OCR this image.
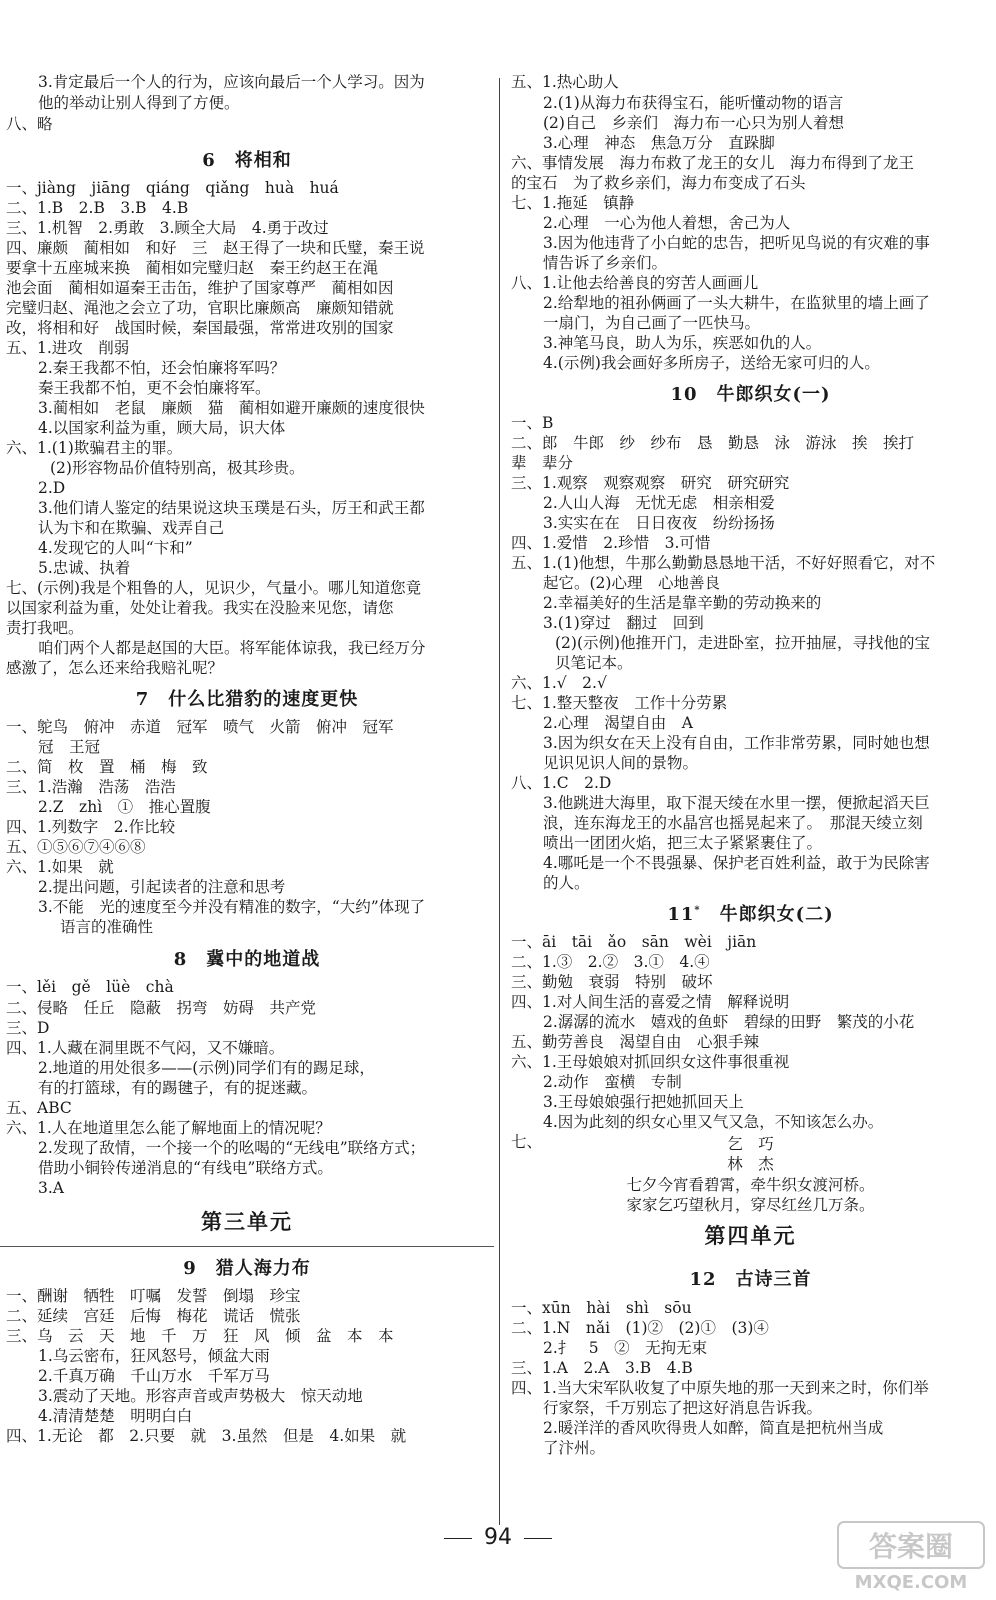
3.肯定最后一个人的行为，应该向最后一个人学习。因为
他的举动让别人得到了方便。
八、略
6　将相和
一、jiàng　jiāng　qiáng　qiǎng　huà　huá
二、1.B　2.B　3.B　4.B
三、1.机智　2.勇敢　3.顾全大局　4.勇于改过
四、廉颇　蔺相如　和好　三　赵王得了一块和氏璧，秦王说
要拿十五座城来换　蔺相如完璧归赵　秦王约赵王在渑
池会面　蔺相如逼秦王击缶，维护了国家尊严　蔺相如因
完璧归赵、渑池之会立了功，官职比廉颇高　廉颇知错就
改，将相和好　战国时候，秦国最强，常常进攻别的国家
五、1.进攻　削弱
2.秦王我都不怕，还会怕廉将军吗？
秦王我都不怕，更不会怕廉将军。
3.蔺相如　老鼠　廉颇　猫　蔺相如避开廉颇的速度很快
4.以国家利益为重，顾大局，识大体
六、1.(1)欺骗君主的罪。
(2)形容物品价值特别高，极其珍贵。
2.D
3.他们请人鉴定的结果说这块玉璞是石头，厉王和武王都
认为卞和在欺骗、戏弄自己
4.发现它的人叫“卞和”
5.忠诚、执着
七、(示例)我是个粗鲁的人，见识少，气量小。哪儿知道您竟
以国家利益为重，处处让着我。我实在没脸来见您，请您
责打我吧。
咱们两个人都是赵国的大臣。将军能体谅我，我已经万分
感激了，怎么还来给我赔礼呢？
7　什么比猎豹的速度更快
一、鸵鸟　俯冲　赤道　冠军　喷气　火箭　俯冲　冠军
冠　王冠
二、简　枚　置　桶　梅　致
三、1.浩瀚　浩荡　浩浩
2.Z　zhì　①　推心置腹
四、1.列数字　2.作比较
五、①⑤⑥⑦④⑥⑧
六、1.如果　就
2.提出问题，引起读者的注意和思考
3.不能　光的速度至今并没有精准的数字，“大约”体现了
语言的准确性
8　冀中的地道战
一、lěi　gě　lüè　chà
二、侵略　任丘　隐蔽　拐弯　妨碍　共产党
三、D
四、1.人藏在洞里既不气闷，又不嫌暗。
2.地道的用处很多——(示例)同学们有的踢足球，
有的打篮球，有的踢毽子，有的捉迷藏。
五、ABC
六、1.人在地道里怎么能了解地面上的情况呢？
2.发现了敌情，一个接一个的吆喝的“无线电”联络方式；
借助小铜铃传递消息的“有线电”联络方式。
3.A
第三单元
9　猎人海力布
一、酬谢　牺牲　叮嘱　发誓　倒塌　珍宝
二、延续　宫廷　后悔　梅花　谎话　慌张
三、乌　云　天　地　千　万　狂　风　倾　盆　本　本
1.乌云密布，狂风怒号，倾盆大雨
2.千真万确　千山万水　千军万马
3.震动了天地。形容声音或声势极大　惊天动地
4.清清楚楚　明明白白
四、1.无论　都　2.只要　就　3.虽然　但是　4.如果　就
五、1.热心助人
2.(1)从海力布获得宝石，能听懂动物的语言
(2)自己　乡亲们　海力布一心只为别人着想
3.心理　神态　焦急万分　直跺脚
六、事情发展　海力布救了龙王的女儿　海力布得到了龙王
的宝石　为了救乡亲们，海力布变成了石头
七、1.拖延　镇静
2.心理　一心为他人着想，舍己为人
3.因为他违背了小白蛇的忠告，把听见鸟说的有灾难的事
情告诉了乡亲们。
八、1.让他去给善良的穷苦人画画儿
2.给犁地的祖孙俩画了一头大耕牛，在监狱里的墙上画了
一扇门，为自己画了一匹快马。
3.神笔马良，助人为乐，疾恶如仇的人。
4.(示例)我会画好多所房子，送给无家可归的人。
10　牛郎织女(一)
一、B
二、郎　牛郎　纱　纱布　恳　勤恳　泳　游泳　挨　挨打
辈　辈分
三、1.观察　观察观察　研究　研究研究
2.人山人海　无忧无虑　相亲相爱
3.实实在在　日日夜夜　纷纷扬扬
四、1.爱惜　2.珍惜　3.可惜
五、1.(1)他想，牛那么勤勤恳恳地干活，不好好照看它，对不
起它。(2)心理　心地善良
2.幸福美好的生活是靠辛勤的劳动换来的
3.(1)穿过　翻过　回到
(2)(示例)他推开门，走进卧室，拉开抽屉，寻找他的宝
贝笔记本。
六、1.√　2.√
七、1.整天整夜　工作十分劳累
2.心理　渴望自由　A
3.因为织女在天上没有自由，工作非常劳累，同时她也想
见识见识人间的景物。
八、1.C　2.D
3.他跳进大海里，取下混天绫在水里一摆，便掀起滔天巨
浪，连东海龙王的水晶宫也摇晃起来了。　那混天绫立刻
喷出一团团火焰，把三太子紧紧裹住了。
4.哪吒是一个不畏强暴、保护老百姓利益，敢于为民除害
的人。
11*　 牛郎织女(二)
一、āi　tāi　ǎo　sān　wèi　jiān
二、1.③　2.②　3.①　4.④
三、勤勉　衰弱　特别　破坏
四、1.对人间生活的喜爱之情　解释说明
2.潺潺的流水　嬉戏的鱼虾　碧绿的田野　繁茂的小花
五、勤劳善良　渴望自由　心狠手辣
六、1.王母娘娘对抓回织女这件事很重视
2.动作　蛮横　专制
3.王母娘娘强行把她抓回天上
4.因为此刻的织女心里又气又急，不知该怎么办。
七、	乞　巧
林　杰
七夕今宵看碧霄，牵牛织女渡河桥。
家家乞巧望秋月，穿尽红丝几万条。
第四单元
12　古诗三首
一、xūn　hài　shì　sōu
二、1.N　nǎi　(1)②　(2)①　(3)④
2.扌　5　②　无拘无束
三、1.A　2.A　3.B　4.B
四、1.当大宋军队收复了中原失地的那一天到来之时，你们举
行家祭，千万别忘了把这好消息告诉我。
2.暖洋洋的香风吹得贵人如醉，简直是把杭州当成
了汴州。
94	答案圈
MXQE.COM
